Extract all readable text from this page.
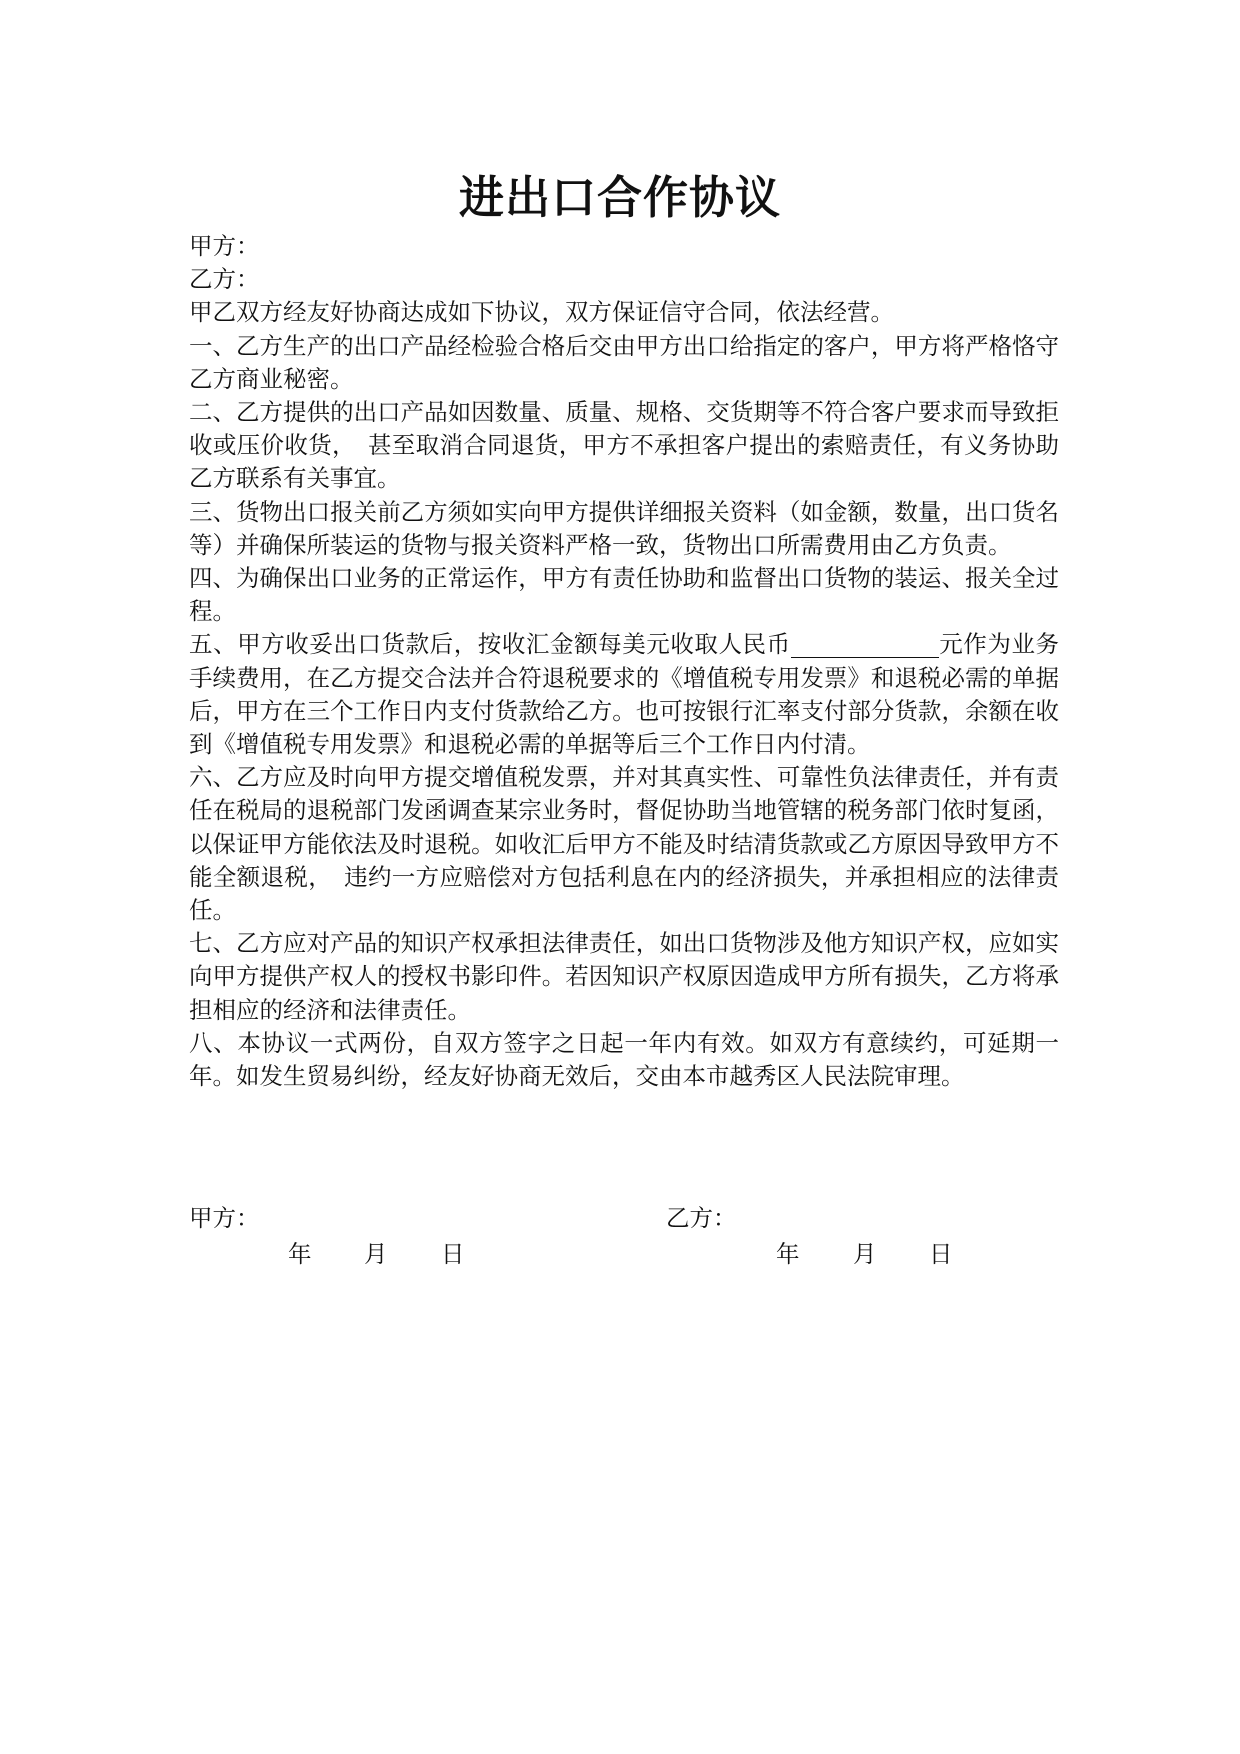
进出口合作协议

甲方：

乙方：

甲乙双方经友好协商达成如下协议，双方保证信守合同，依法经营。

一、乙方生产的出口产品经检验合格后交由甲方出口给指定的客户，甲方将严格恪守乙方商业秘密。

二、乙方提供的出口产品如因数量、质量、规格、交货期等不符合客户要求而导致拒收或压价收货，　甚至取消合同退货，甲方不承担客户提出的索赔责任，有义务协助乙方联系有关事宜。

三、货物出口报关前乙方须如实向甲方提供详细报关资料（如金额，数量，出口货名等）并确保所装运的货物与报关资料严格一致，货物出口所需费用由乙方负责。

四、为确保出口业务的正常运作，甲方有责任协助和监督出口货物的装运、报关全过程。

五、甲方收妥出口货款后，按收汇金额每美元收取人民币	元作为业务手续费用，在乙方提交合法并合符退税要求的《增值税专用发票》和退税必需的单据后，甲方在三个工作日内支付货款给乙方。也可按银行汇率支付部分货款，余额在收到《增值税专用发票》和退税必需的单据等后三个工作日内付清。

六、乙方应及时向甲方提交增值税发票，并对其真实性、可靠性负法律责任，并有责任在税局的退税部门发函调查某宗业务时，督促协助当地管辖的税务部门依时复函，以保证甲方能依法及时退税。如收汇后甲方不能及时结清货款或乙方原因导致甲方不能全额退税，　违约一方应赔偿对方包括利息在内的经济损失，并承担相应的法律责任。

七、乙方应对产品的知识产权承担法律责任，如出口货物涉及他方知识产权，应如实向甲方提供产权人的授权书影印件。若因知识产权原因造成甲方所有损失，乙方将承担相应的经济和法律责任。

八、本协议一式两份，自双方签字之日起一年内有效。如双方有意续约，可延期一年。如发生贸易纠纷，经友好协商无效后，交由本市越秀区人民法院审理。

甲方：	乙方：
年 月 日	年 月 日
